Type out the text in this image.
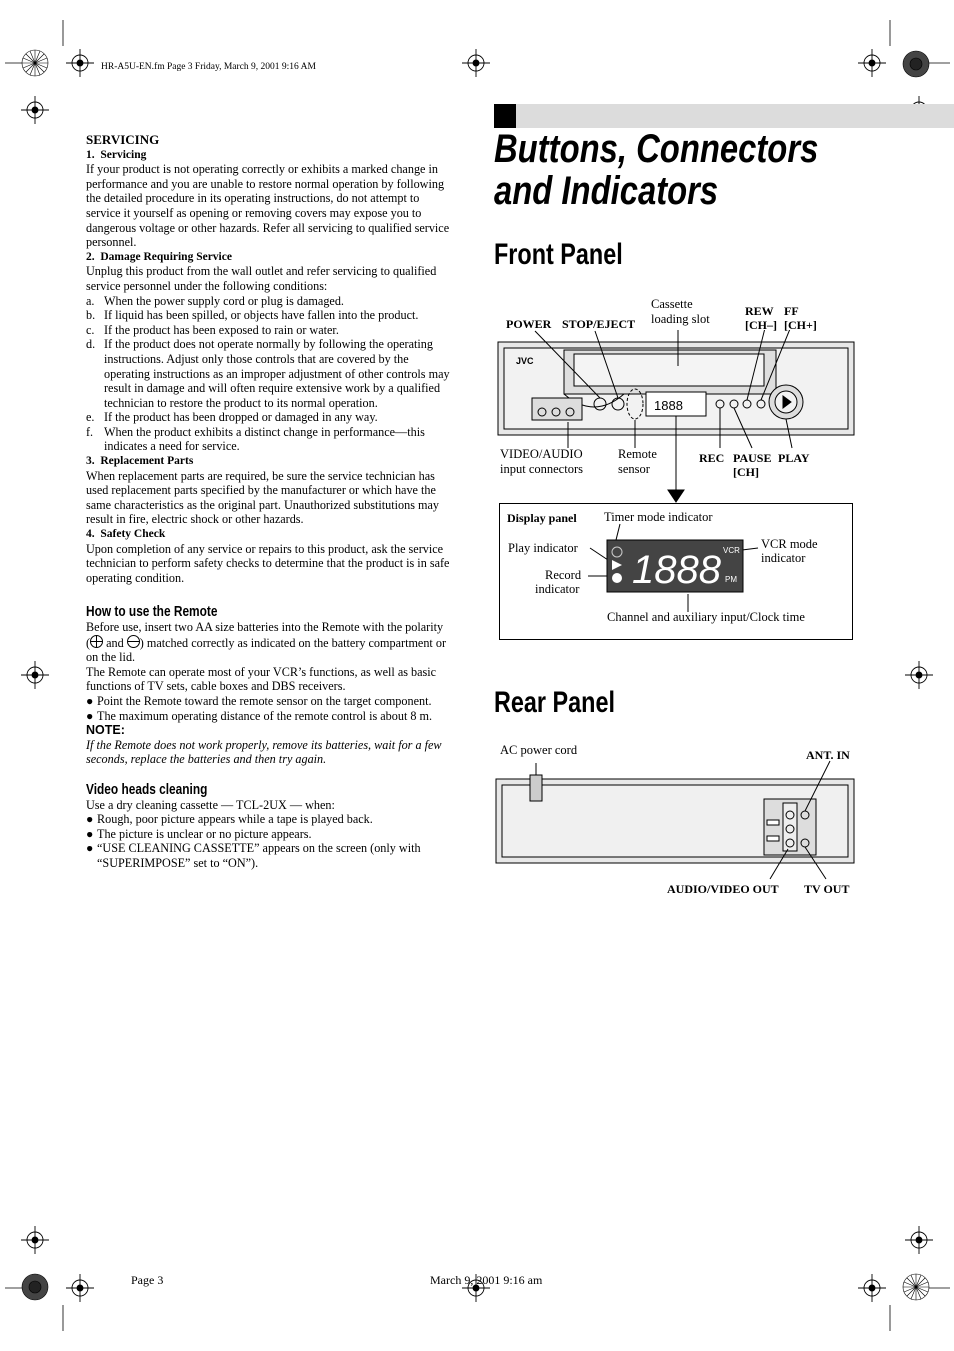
HR-A5U-EN.fm Page 3 Friday, March 9, 2001 9:16 AM
SERVICING
1. Servicing

If your product is not operating correctly or exhibits a marked change in performance and you are unable to restore normal operation by following the detailed procedure in its operating instructions, do not attempt to service it yourself as opening or removing covers may expose you to dangerous voltage or other hazards. Refer all servicing to qualified service personnel.

2. Damage Requiring Service

Unplug this product from the wall outlet and refer servicing to qualified service personnel under the following conditions:

a. When the power supply cord or plug is damaged.
b. If liquid has been spilled, or objects have fallen into the product.
c. If the product has been exposed to rain or water.
d. If the product does not operate normally by following the operating instructions. Adjust only those controls that are covered by the operating instructions as an improper adjustment of other controls may result in damage and will often require extensive work by a qualified technician to restore the product to its normal operation.
e. If the product has been dropped or damaged in any way.
f. When the product exhibits a distinct change in performance—this indicates a need for service.
3. Replacement Parts

When replacement parts are required, be sure the service technician has used replacement parts specified by the manufacturer or which have the same characteristics as the original part. Unauthorized substitutions may result in fire, electric shock or other hazards.

4. Safety Check

Upon completion of any service or repairs to this product, ask the service technician to perform safety checks to determine that the product is in safe operating condition.

How to use the Remote

Before use, insert two AA size batteries into the Remote with the polarity ( and ) matched correctly as indicated on the battery compartment or on the lid.

The Remote can operate most of your VCR’s functions, as well as basic functions of TV sets, cable boxes and DBS receivers.

● Point the Remote toward the remote sensor on the target component.
● The maximum operating distance of the remote control is about 8 m.
NOTE:

If the Remote does not work properly, remove its batteries, wait for a few seconds, replace the batteries and then try again.

Video heads cleaning

Use a dry cleaning cassette — TCL-2UX — when:

● Rough, poor picture appears while a tape is played back.
● The picture is unclear or no picture appears.
● “USE CLEANING CASSETTE” appears on the screen (only with “SUPERIMPOSE” set to “ON”).
Buttons, Connectors
and Indicators
Front Panel
POWER STOP/EJECT
Cassette
loading slot
REW
[CH–]
FF
[CH+]
VIDEO/AUDIO
input connectors
Remote
sensor
REC PAUSE
[CH]
PLAY
JVC
1888
Display panel Timer mode indicator
Play indicator
Record
indicator
VCR mode
indicator
Channel and auxiliary input/Clock time
1888 VCR
PM
Rear Panel
AC power cord	ANT. IN
AUDIO/VIDEO OUT TV OUT
Page 3	March 9, 2001 9:16 am
